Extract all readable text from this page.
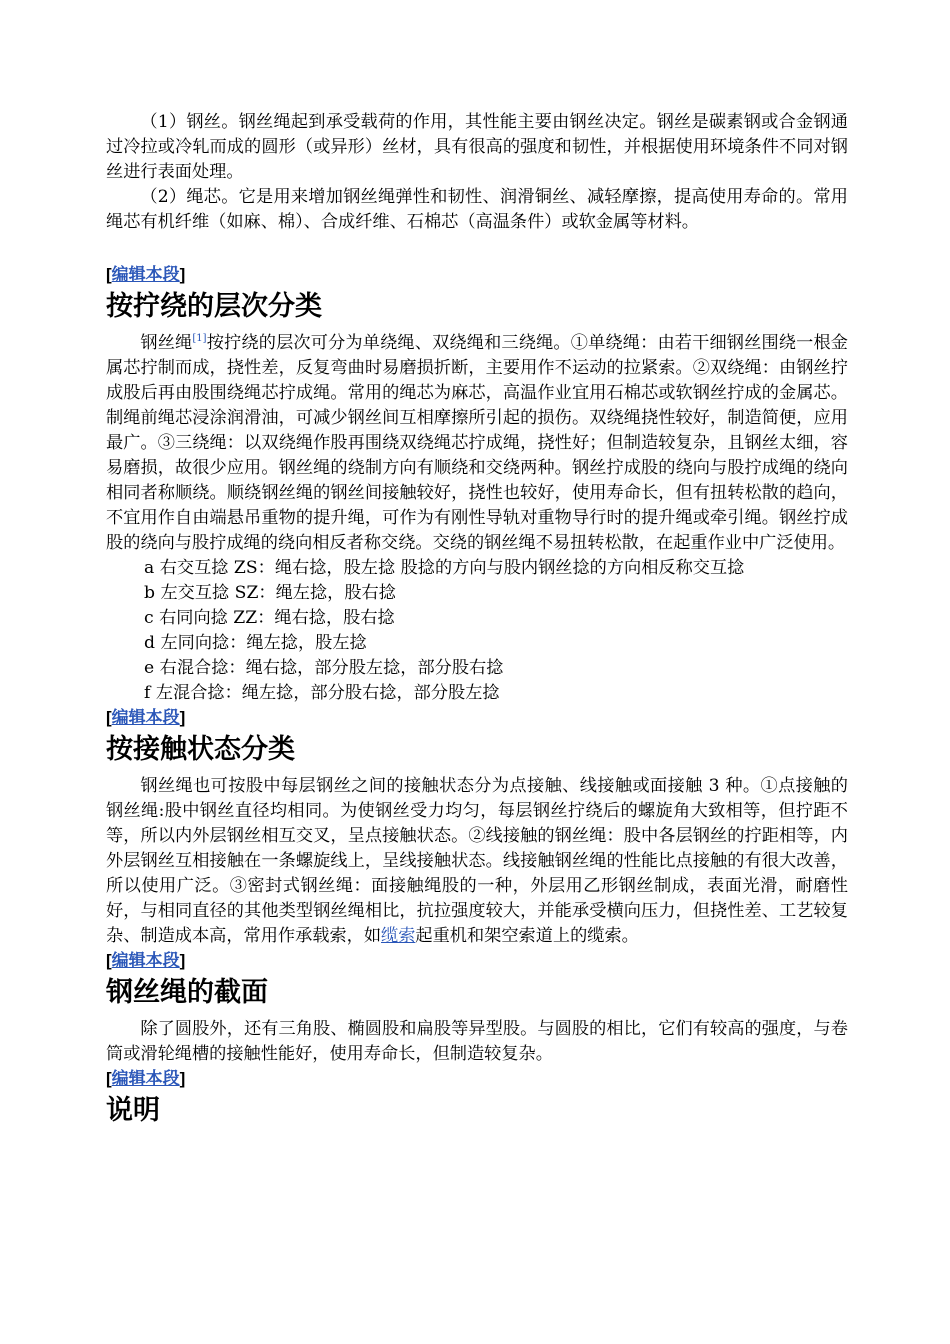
（1）钢丝。钢丝绳起到承受载荷的作用，其性能主要由钢丝决定。钢丝是碳素钢或合金钢通过冷拉或冷轧而成的圆形（或异形）丝材，具有很高的强度和韧性，并根据使用环境条件不同对钢丝进行表面处理。

（2）绳芯。它是用来增加钢丝绳弹性和韧性、润滑铜丝、减轻摩擦，提高使用寿命的。常用绳芯有机纤维（如麻、棉）、合成纤维、石棉芯（高温条件）或软金属等材料。

[编辑本段]
按拧绕的层次分类

钢丝绳[1]按拧绕的层次可分为单绕绳、双绕绳和三绕绳。①单绕绳：由若干细钢丝围绕一根金属芯拧制而成，挠性差，反复弯曲时易磨损折断，主要用作不运动的拉紧索。②双绕绳：由钢丝拧成股后再由股围绕绳芯拧成绳。常用的绳芯为麻芯，高温作业宜用石棉芯或软钢丝拧成的金属芯。制绳前绳芯浸涂润滑油，可减少钢丝间互相摩擦所引起的损伤。双绕绳挠性较好，制造简便，应用最广。③三绕绳：以双绕绳作股再围绕双绕绳芯拧成绳，挠性好；但制造较复杂，且钢丝太细，容易磨损，故很少应用。钢丝绳的绕制方向有顺绕和交绕两种。钢丝拧成股的绕向与股拧成绳的绕向相同者称顺绕。顺绕钢丝绳的钢丝间接触较好，挠性也较好，使用寿命长，但有扭转松散的趋向，不宜用作自由端悬吊重物的提升绳，可作为有刚性导轨对重物导行时的提升绳或牵引绳。钢丝拧成股的绕向与股拧成绳的绕向相反者称交绕。交绕的钢丝绳不易扭转松散，在起重作业中广泛使用。

a 右交互捻 ZS：绳右捻，股左捻 股捻的方向与股内钢丝捻的方向相反称交互捻

b 左交互捻 SZ：绳左捻，股右捻

c 右同向捻 ZZ：绳右捻，股右捻

d 左同向捻：绳左捻，股左捻

e 右混合捻：绳右捻，部分股左捻，部分股右捻

f 左混合捻：绳左捻，部分股右捻，部分股左捻

[编辑本段]
按接触状态分类

钢丝绳也可按股中每层钢丝之间的接触状态分为点接触、线接触或面接触 3 种。①点接触的钢丝绳:股中钢丝直径均相同。为使钢丝受力均匀，每层钢丝拧绕后的螺旋角大致相等，但拧距不等，所以内外层钢丝相互交叉，呈点接触状态。②线接触的钢丝绳：股中各层钢丝的拧距相等，内外层钢丝互相接触在一条螺旋线上，呈线接触状态。线接触钢丝绳的性能比点接触的有很大改善，所以使用广泛。③密封式钢丝绳：面接触绳股的一种，外层用乙形钢丝制成，表面光滑，耐磨性好，与相同直径的其他类型钢丝绳相比，抗拉强度较大，并能承受横向压力，但挠性差、工艺较复杂、制造成本高，常用作承载索，如缆索起重机和架空索道上的缆索。

[编辑本段]
钢丝绳的截面

除了圆股外，还有三角股、椭圆股和扁股等异型股。与圆股的相比，它们有较高的强度，与卷筒或滑轮绳槽的接触性能好，使用寿命长，但制造较复杂。

[编辑本段]
说明
